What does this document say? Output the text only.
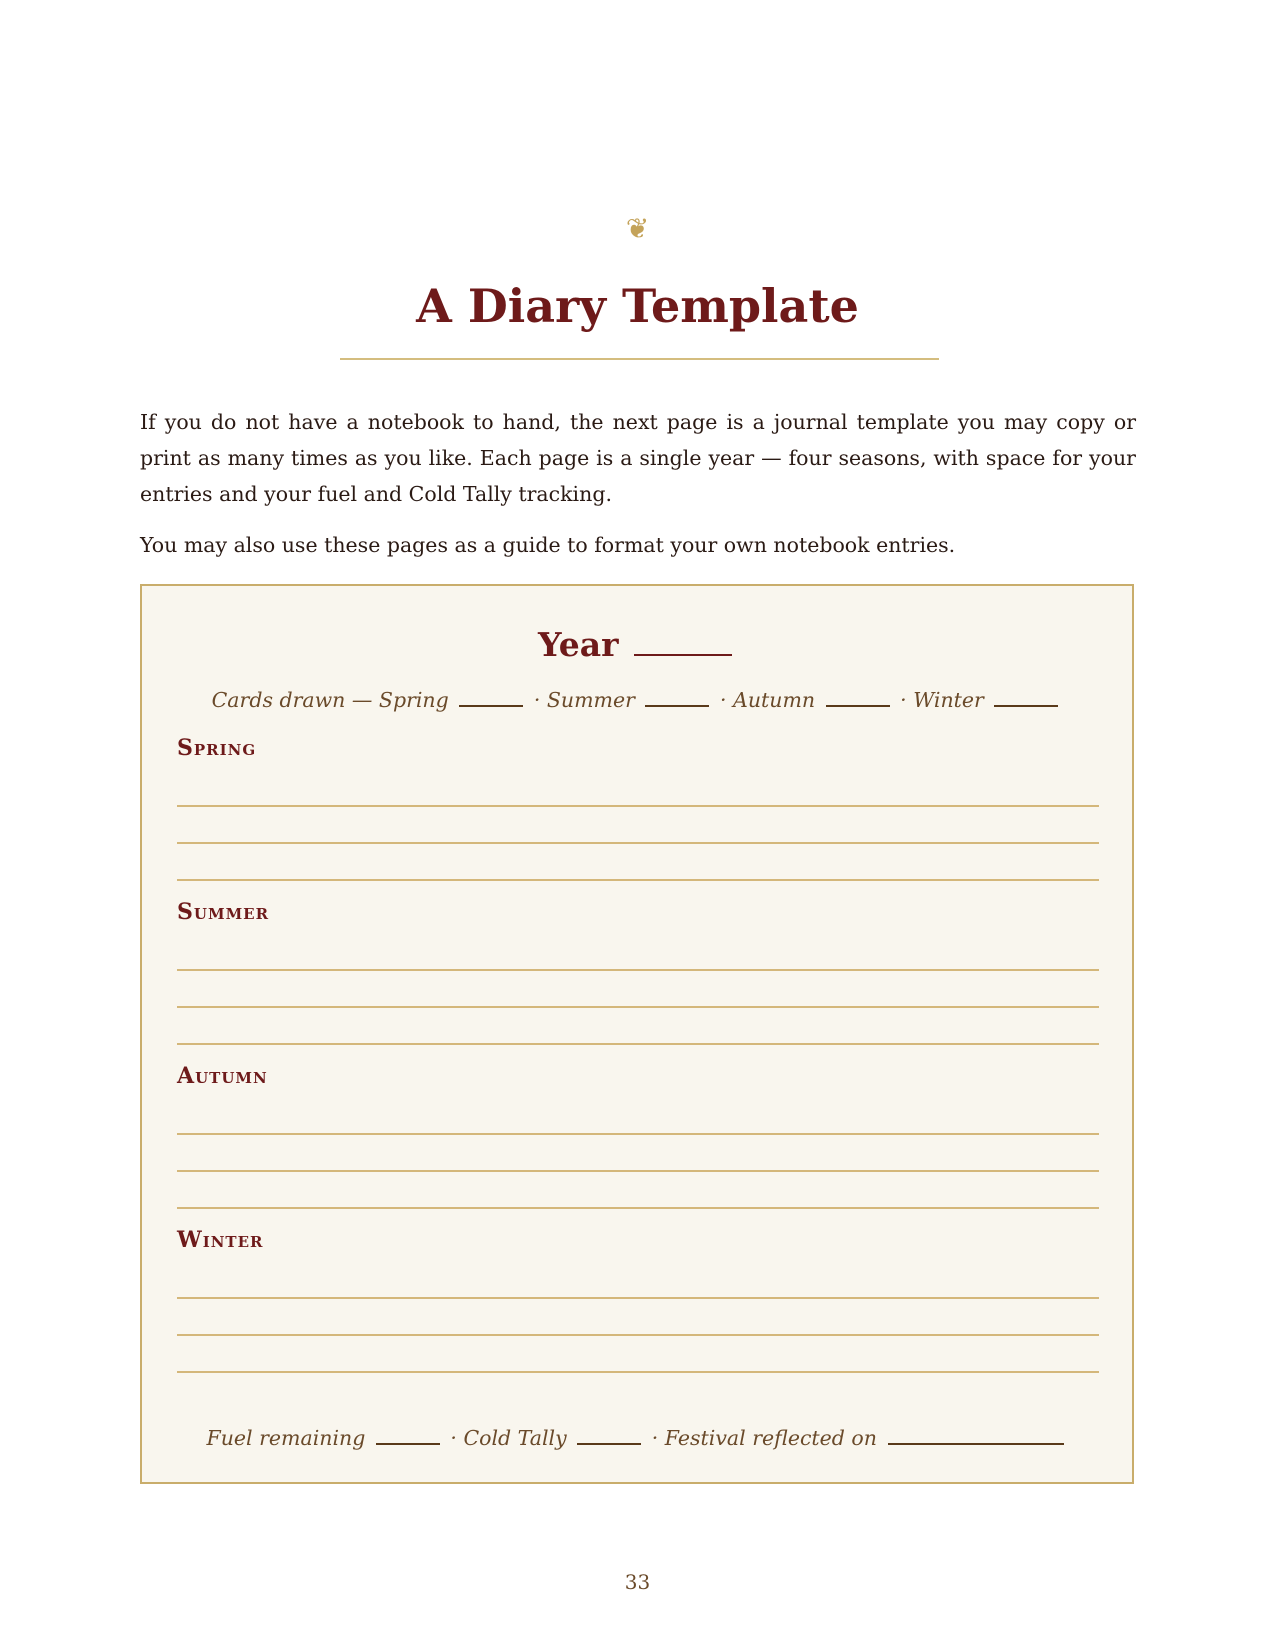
❦
A Diary Template

If you do not have a notebook to hand, the next page is a journal template you may copy or print as many times as you like. Each page is a single year — four seasons, with space for your entries and your fuel and Cold Tally tracking.

You may also use these pages as a guide to format your own notebook entries.

Year
Cards drawn — Spring	· Summer	· Autumn	· Winter
Spring
Summer
Autumn
Winter
Fuel remaining	· Cold Tally	· Festival reflected on
33
